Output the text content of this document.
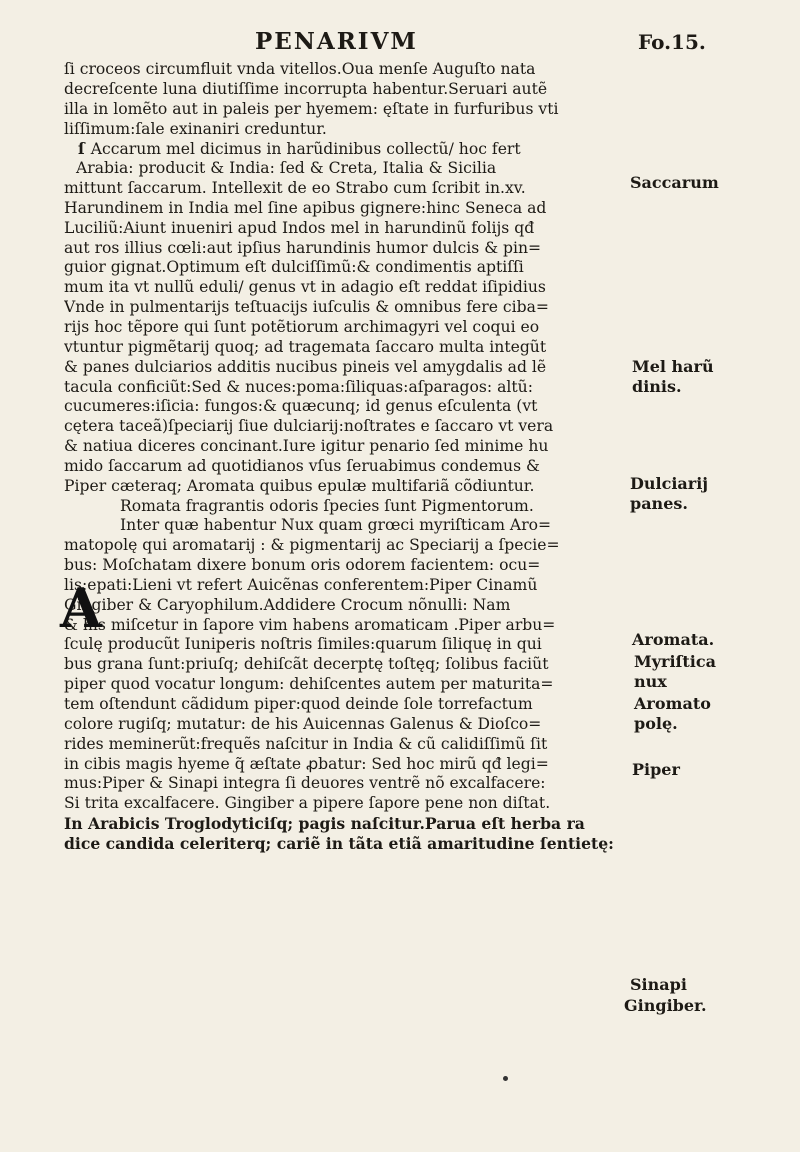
PENARIVM	Fo.15.
ſi croceos circumfluit vnda vitellos.Oua menſe Auguſto nata
decreſcente luna diutiſſime incorrupta habentur.Seruari autẽ
illa in lomẽto aut in paleis per hyemem: ęſtate in furfuribus vti
liſſimum:ſale exinaniri creduntur.
ſ Accarum mel dicimus in harũdinibus collectũ/ hoc fert
Arabia: producit & India: ſed & Creta, Italia & Sicilia
mittunt ſaccarum. Intellexit de eo Strabo cum ſcribit in.xv.
Harundinem in India mel ſine apibus gignere:hinc Seneca ad
Luciliũ:Aiunt inueniri apud Indos mel in harundinũ folijs qđ
aut ros illius cœli:aut ipſius harundinis humor dulcis & pin=
guior gignat.Optimum eſt dulciſſimũ:& condimentis aptiſſi
mum ita vt nullũ eduli/ genus vt in adagio eſt reddat iſipidius
Vnde in pulmentarijs teſtuacijs iuſculis & omnibus fere ciba=
rijs hoc tẽpore qui ſunt potẽtiorum archimagyri vel coqui eo
vtuntur pigmẽtarij quoq; ad tragemata ſaccaro multa integũt
& panes dulciarios additis nucibus pineis vel amygdalis ad lẽ
tacula conficiũt:Sed & nuces:poma:ſiliquas:aſparagos: altũ:
cucumeres:iſicia: fungos:& quæcunq; id genus eſculenta (vt
cętera taceã)ſpeciarij ſiue dulciarij:noſtrates e ſaccaro vt vera
& natiua diceres concinant.Iure igitur penario ſed minime hu
mido ſaccarum ad quotidianos vſus ſeruabimus condemus &
Piper cæteraq; Aromata quibus epulæ multifariã cõdiuntur.
Romata fragrantis odoris ſpecies ſunt Pigmentorum.
Inter quæ habentur Nux quam grœci myriſticam Aro=
matopolę qui aromatarij : & pigmentarij ac Speciarij a ſpecie=
bus: Moſchatam dixere bonum oris odorem facientem: ocu=
lis:epati:Lieni vt refert Auicẽnas conferentem:Piper Cinamũ
Gingiber & Caryophilum.Addidere Crocum nõnulli: Nam
& his miſcetur in ſapore vim habens aromaticam .Piper arbu=
ſculę producũt Iuniperis noſtris ſimiles:quarum ſiliquę in qui
bus grana ſunt:priuſq; dehiſcãt decerptę toſtęq; ſolibus faciũt
piper quod vocatur longum: dehiſcentes autem per maturita=
tem oſtendunt cãdidum piper:quod deinde ſole torrefactum
colore rugiſq; mutatur: de his Auicennas Galenus & Dioſco=
rides meminerũt:frequẽs naſcitur in India & cũ calidiſſimũ ſit
in cibis magis hyeme q̃ æſtate ꝓbatur: Sed hoc mirũ qđ legi=
mus:Piper & Sinapi integra ſi deuores ventrẽ nõ excalfacere:
Si trita excalfacere. Gingiber a pipere ſapore pene non diſtat.
In Arabicis Troglodyticiſq; pagis naſcitur.Parua eſt herba ra
dice candida celeriterq; cariẽ in tãta etiã amaritudine ſentietę:
A
Saccarum
Mel harũ
dinis.
Dulciarij
panes.
Aromata.
Myriſtica
nux
Aromato
polę.
Piper
Sinapi
Gingiber.
